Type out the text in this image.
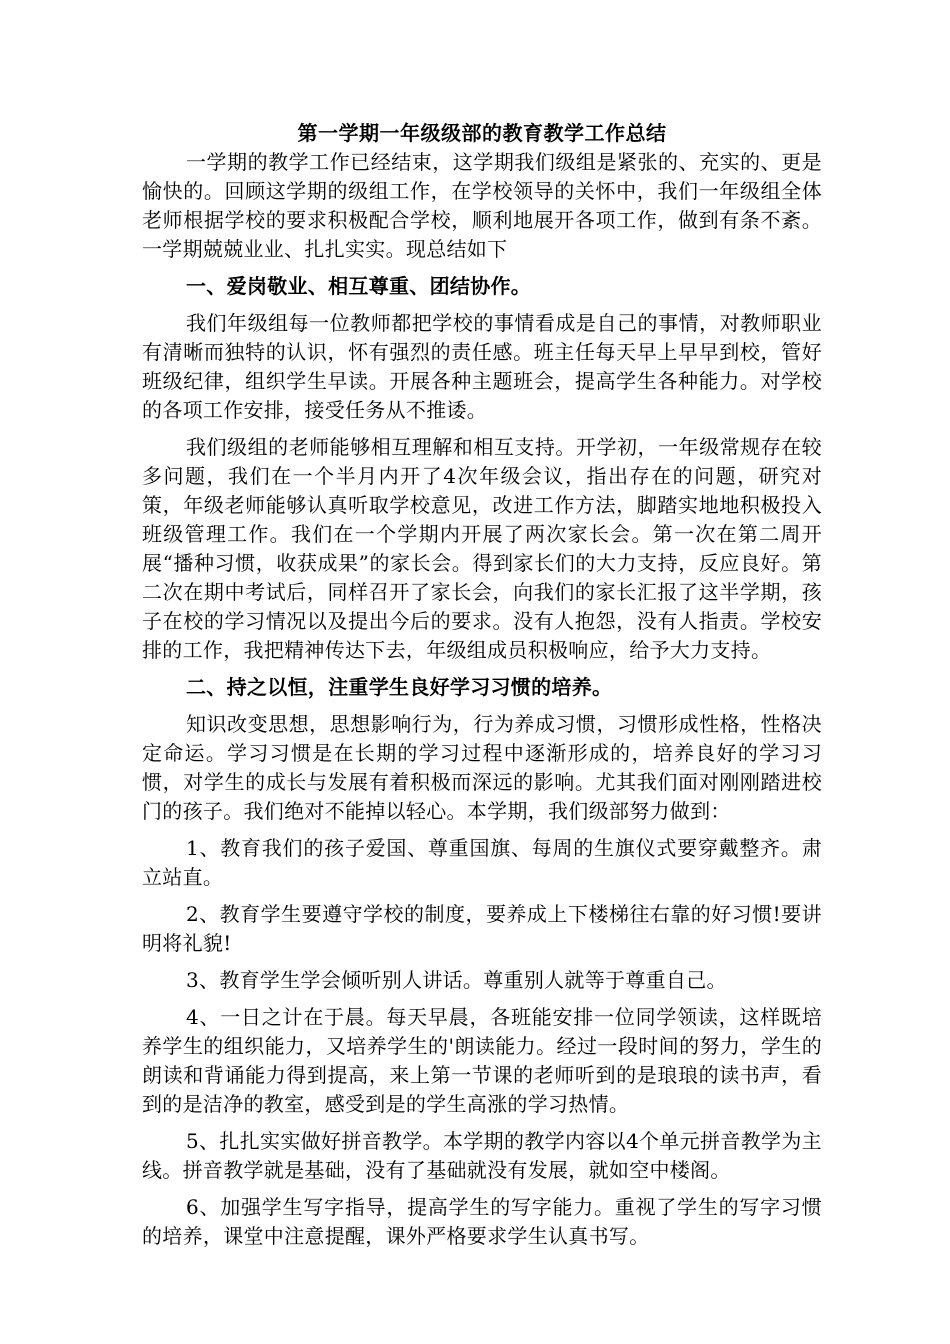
第一学期一年级级部的教育教学工作总结

一学期的教学工作已经结束，这学期我们级组是紧张的、充实的、更是愉快的。回顾这学期的级组工作，在学校领导的关怀中，我们一年级组全体老师根据学校的要求积极配合学校，顺利地展开各项工作，做到有条不紊。一学期兢兢业业、扎扎实实。现总结如下

一、爱岗敬业、相互尊重、团结协作。

我们年级组每一位教师都把学校的事情看成是自己的事情，对教师职业有清晰而独特的认识，怀有强烈的责任感。班主任每天早上早早到校，管好班级纪律，组织学生早读。开展各种主题班会，提高学生各种能力。对学校的各项工作安排，接受任务从不推诿。

我们级组的老师能够相互理解和相互支持。开学初，一年级常规存在较多问题，我们在一个半月内开了4次年级会议，指出存在的问题，研究对策，年级老师能够认真听取学校意见，改进工作方法，脚踏实地地积极投入班级管理工作。我们在一个学期内开展了两次家长会。第一次在第二周开展“播种习惯，收获成果”的家长会。得到家长们的大力支持，反应良好。第二次在期中考试后，同样召开了家长会，向我们的家长汇报了这半学期，孩子在校的学习情况以及提出今后的要求。没有人抱怨，没有人指责。学校安排的工作，我把精神传达下去，年级组成员积极响应，给予大力支持。

二、持之以恒，注重学生良好学习习惯的培养。

知识改变思想，思想影响行为，行为养成习惯，习惯形成性格，性格决定命运。学习习惯是在长期的学习过程中逐渐形成的，培养良好的学习习惯，对学生的成长与发展有着积极而深远的影响。尤其我们面对刚刚踏进校门的孩子。我们绝对不能掉以轻心。本学期，我们级部努力做到：

1、教育我们的孩子爱国、尊重国旗、每周的生旗仪式要穿戴整齐。肃立站直。

2、教育学生要遵守学校的制度，要养成上下楼梯往右靠的好习惯!要讲明将礼貌!

3、教育学生学会倾听别人讲话。尊重别人就等于尊重自己。

4、一日之计在于晨。每天早晨，各班能安排一位同学领读，这样既培养学生的组织能力，又培养学生的'朗读能力。经过一段时间的努力，学生的朗读和背诵能力得到提高，来上第一节课的老师听到的是琅琅的读书声，看到的是洁净的教室，感受到是的学生高涨的学习热情。

5、扎扎实实做好拼音教学。本学期的教学内容以4个单元拼音教学为主线。拼音教学就是基础，没有了基础就没有发展，就如空中楼阁。

6、加强学生写字指导，提高学生的写字能力。重视了学生的写字习惯的培养，课堂中注意提醒，课外严格要求学生认真书写。
